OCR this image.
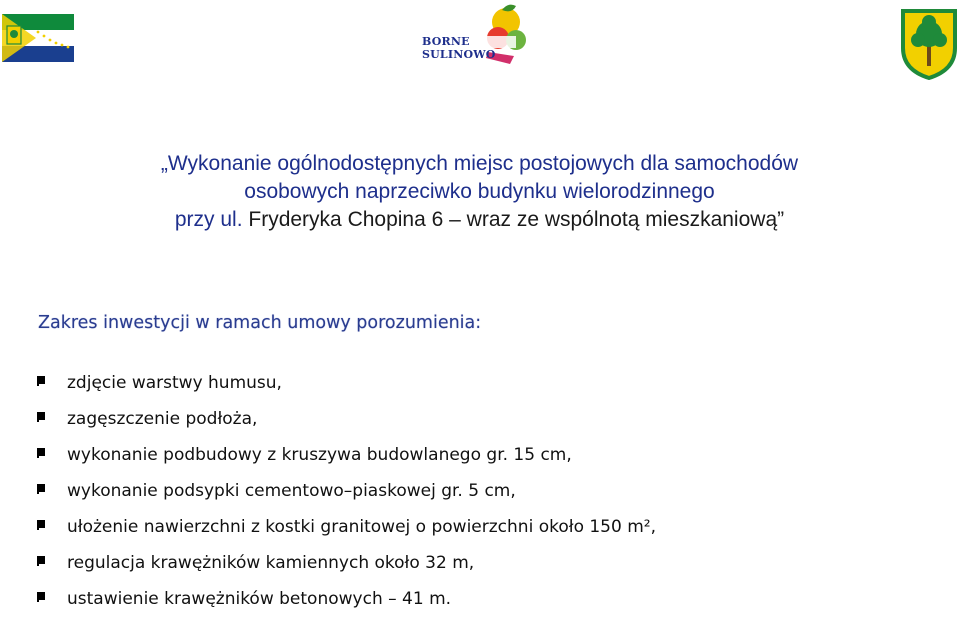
BORNE SULINOWO
„Wykonanie ogólnodostępnych miejsc postojowych dla samochodów
osobowych naprzeciwko budynku wielorodzinnego
przy ul. Fryderyka Chopina 6 – wraz ze wspólnotą mieszkaniową”
Zakres inwestycji w ramach umowy porozumienia:
zdjęcie warstwy humusu,
zagęszczenie podłoża,
wykonanie podbudowy z kruszywa budowlanego gr. 15 cm,
wykonanie podsypki cementowo–piaskowej gr. 5 cm,
ułożenie nawierzchni z kostki granitowej o powierzchni około 150 m²,
regulacja krawężników kamiennych około 32 m,
ustawienie krawężników betonowych – 41 m.
